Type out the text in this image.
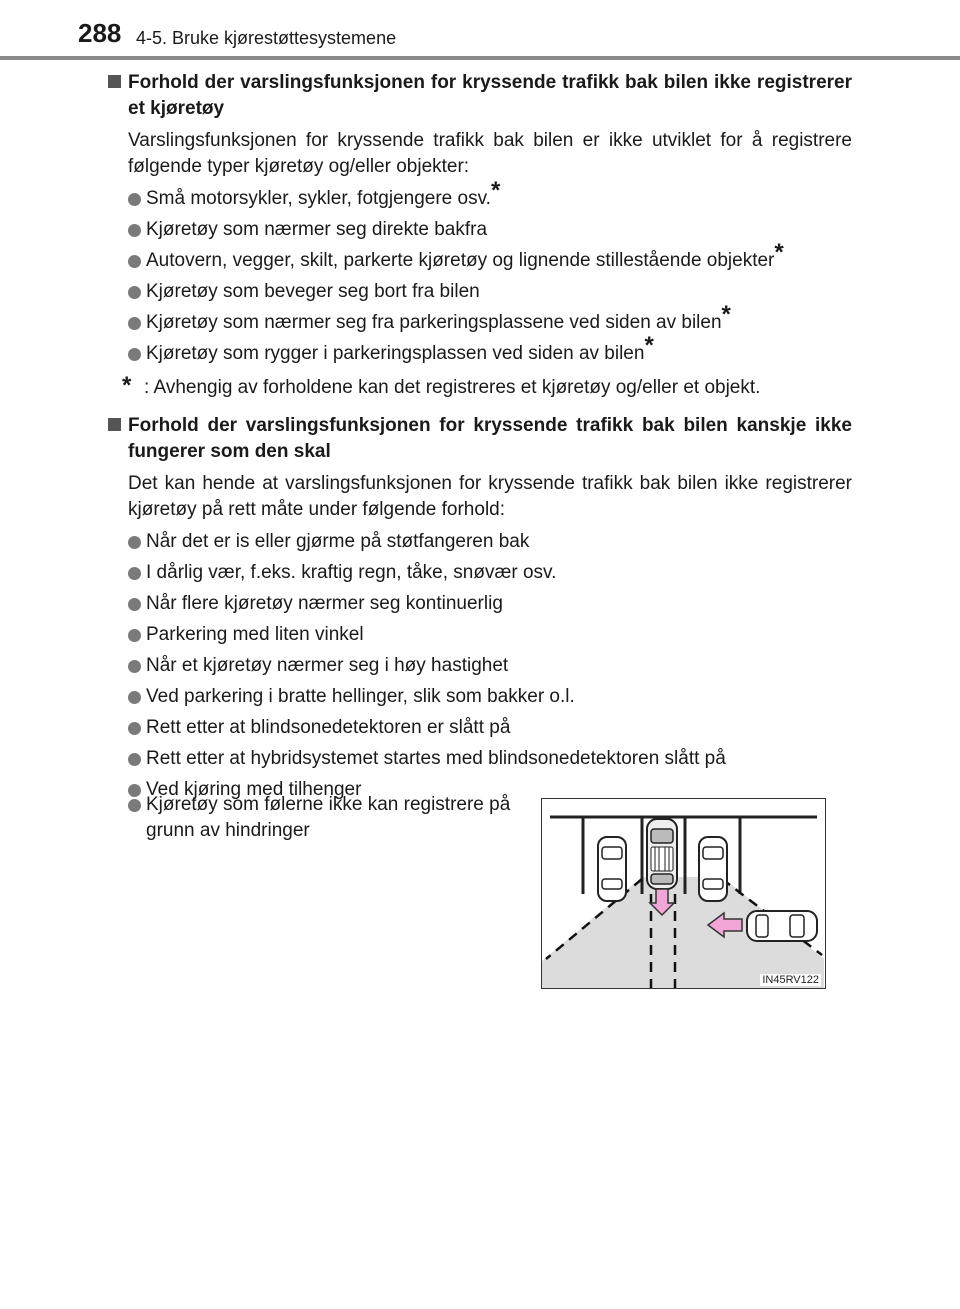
288 4-5. Bruke kjørestøttesystemene
Forhold der varslingsfunksjonen for kryssende trafikk bak bilen ikke registrerer et kjøretøy
Varslingsfunksjonen for kryssende trafikk bak bilen er ikke utviklet for å registrere følgende typer kjøretøy og/eller objekter:
Små motorsykler, sykler, fotgjengere osv.*
Kjøretøy som nærmer seg direkte bakfra
Autovern, vegger, skilt, parkerte kjøretøy og lignende stillestående objekter*
Kjøretøy som beveger seg bort fra bilen
Kjøretøy som nærmer seg fra parkeringsplassene ved siden av bilen*
Kjøretøy som rygger i parkeringsplassen ved siden av bilen*
* : Avhengig av forholdene kan det registreres et kjøretøy og/eller et objekt.
Forhold der varslingsfunksjonen for kryssende trafikk bak bilen kanskje ikke fungerer som den skal
Det kan hende at varslingsfunksjonen for kryssende trafikk bak bilen ikke registrerer kjøretøy på rett måte under følgende forhold:
Når det er is eller gjørme på støtfangeren bak
I dårlig vær, f.eks. kraftig regn, tåke, snøvær osv.
Når flere kjøretøy nærmer seg kontinuerlig
Parkering med liten vinkel
Når et kjøretøy nærmer seg i høy hastighet
Ved parkering i bratte hellinger, slik som bakker o.l.
Rett etter at blindsonedetektoren er slått på
Rett etter at hybridsystemet startes med blindsonedetektoren slått på
Ved kjøring med tilhenger
Kjøretøy som følerne ikke kan registrere på grunn av hindringer
IN45RV122
